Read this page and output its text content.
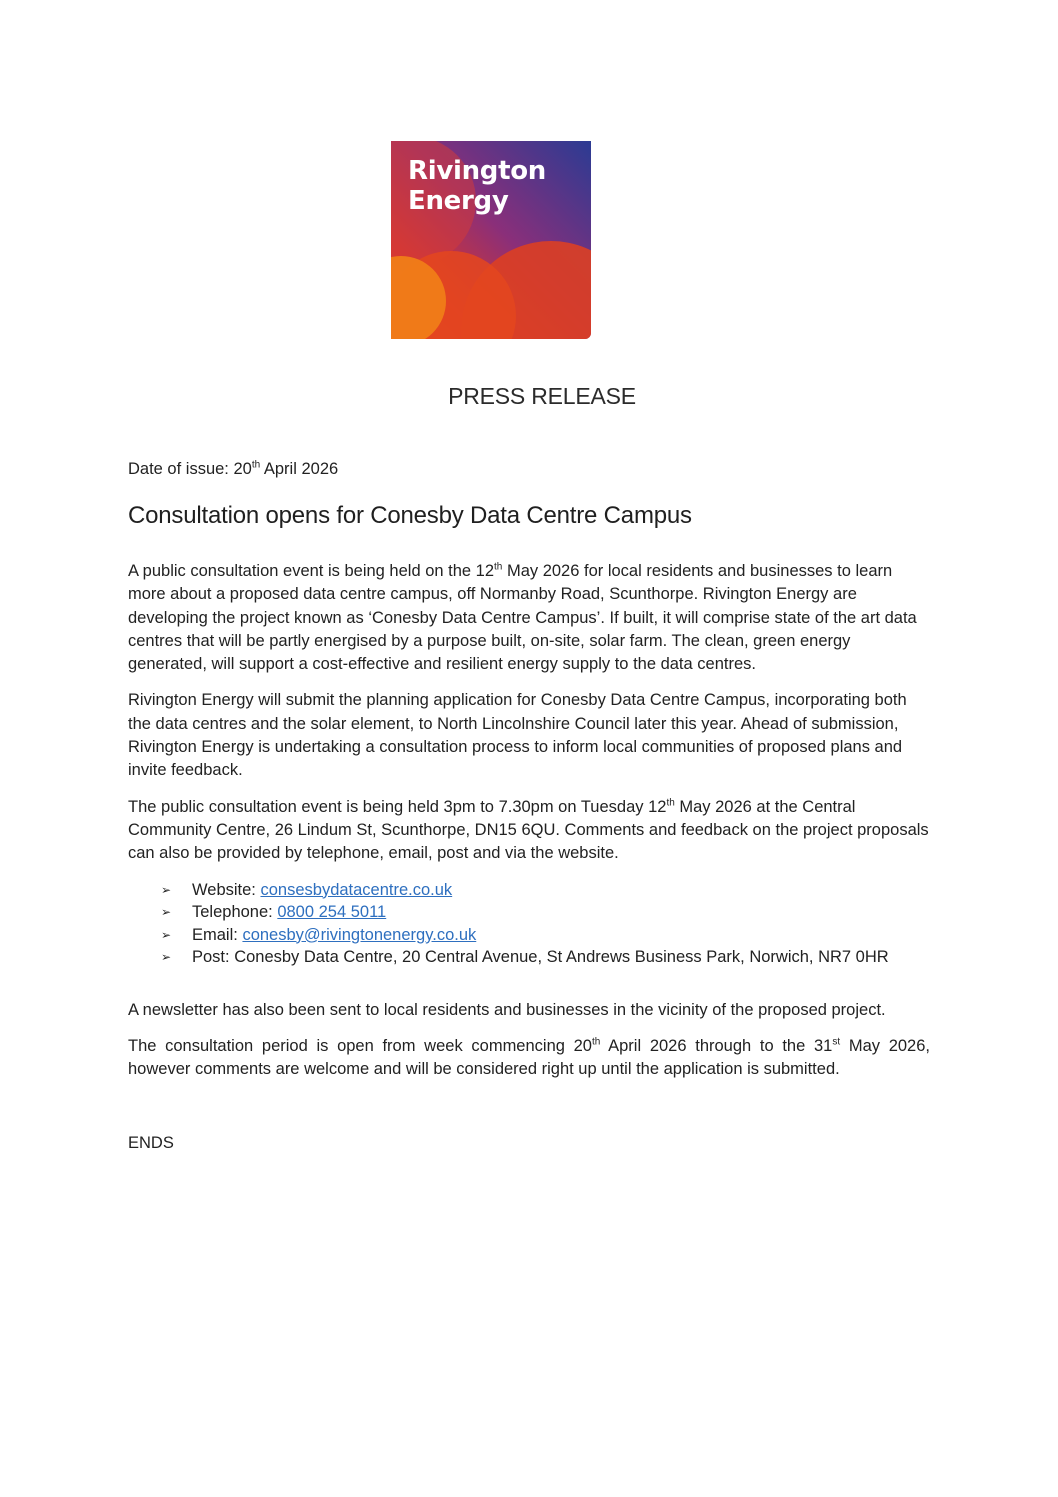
Rivington
Energy
PRESS RELEASE

Date of issue: 20th April 2026

Consultation opens for Conesby Data Centre Campus

A public consultation event is being held on the 12th May 2026 for local residents and businesses to learn more about a proposed data centre campus, off Normanby Road, Scunthorpe. Rivington Energy are developing the project known as ‘Conesby Data Centre Campus’. If built, it will comprise state of the art data centres that will be partly energised by a purpose built, on-site, solar farm. The clean, green energy generated, will support a cost-effective and resilient energy supply to the data centres.

Rivington Energy will submit the planning application for Conesby Data Centre Campus, incorporating both the data centres and the solar element, to North Lincolnshire Council later this year. Ahead of submission, Rivington Energy is undertaking a consultation process to inform local communities of proposed plans and invite feedback.

The public consultation event is being held 3pm to 7.30pm on Tuesday 12th May 2026 at the Central Community Centre, 26 Lindum St, Scunthorpe, DN15 6QU. Comments and feedback on the project proposals can also be provided by telephone, email, post and via the website.

➢ Website: consesbydatacentre.co.uk
➢ Telephone: 0800 254 5011
➢ Email: conesby@rivingtonenergy.co.uk
➢ Post: Conesby Data Centre, 20 Central Avenue, St Andrews Business Park, Norwich, NR7 0HR

A newsletter has also been sent to local residents and businesses in the vicinity of the proposed project.

The consultation period is open from week commencing 20th April 2026 through to the 31st May 2026, however comments are welcome and will be considered right up until the application is submitted.

ENDS
